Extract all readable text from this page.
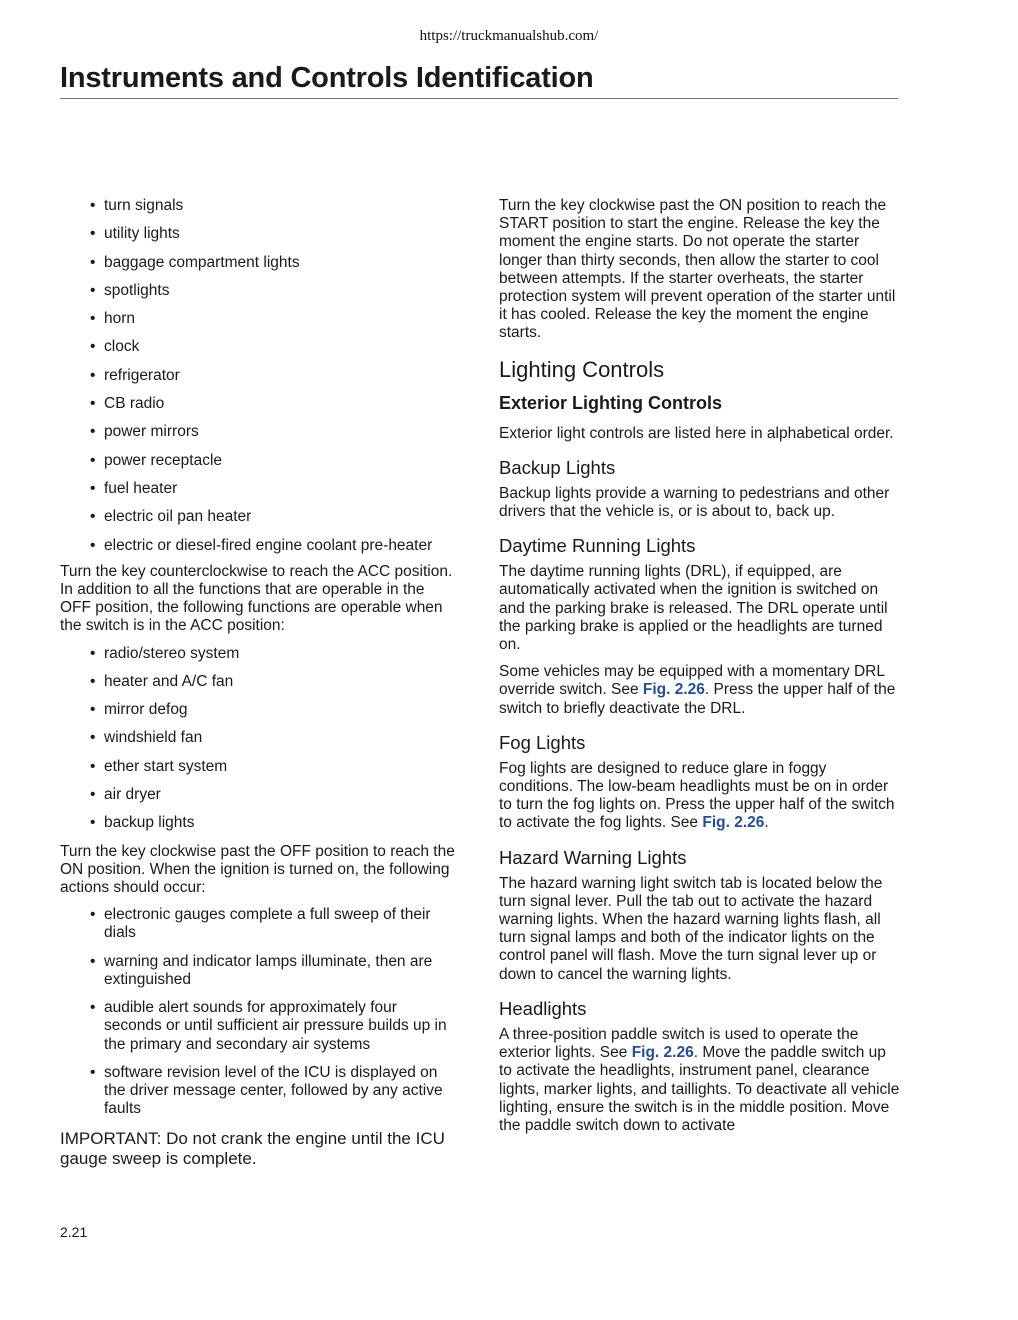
https://truckmanualshub.com/
Instruments and Controls Identification
• turn signals
• utility lights
• baggage compartment lights
• spotlights
• horn
• clock
• refrigerator
• CB radio
• power mirrors
• power receptacle
• fuel heater
• electric oil pan heater
• electric or diesel-fired engine coolant pre-heater

Turn the key counterclockwise to reach the ACC position. In addition to all the functions that are operable in the OFF position, the following functions are operable when the switch is in the ACC position:

• radio/stereo system
• heater and A/C fan
• mirror defog
• windshield fan
• ether start system
• air dryer
• backup lights

Turn the key clockwise past the OFF position to reach the ON position. When the ignition is turned on, the following actions should occur:

• electronic gauges complete a full sweep of their dials
• warning and indicator lamps illuminate, then are extinguished
• audible alert sounds for approximately four seconds or until sufficient air pressure builds up in the primary and secondary air systems
• software revision level of the ICU is displayed on the driver message center, followed by any active faults

IMPORTANT: Do not crank the engine until the ICU gauge sweep is complete.

Turn the key clockwise past the ON position to reach the START position to start the engine. Release the key the moment the engine starts. Do not operate the starter longer than thirty seconds, then allow the starter to cool between attempts. If the starter overheats, the starter protection system will prevent operation of the starter until it has cooled. Release the key the moment the engine starts.

Lighting Controls
Exterior Lighting Controls

Exterior light controls are listed here in alphabetical order.

Backup Lights

Backup lights provide a warning to pedestrians and other drivers that the vehicle is, or is about to, back up.

Daytime Running Lights

The daytime running lights (DRL), if equipped, are automatically activated when the ignition is switched on and the parking brake is released. The DRL operate until the parking brake is applied or the headlights are turned on.

Some vehicles may be equipped with a momentary DRL override switch. See Fig. 2.26. Press the upper half of the switch to briefly deactivate the DRL.

Fog Lights

Fog lights are designed to reduce glare in foggy conditions. The low-beam headlights must be on in order to turn the fog lights on. Press the upper half of the switch to activate the fog lights. See Fig. 2.26.

Hazard Warning Lights

The hazard warning light switch tab is located below the turn signal lever. Pull the tab out to activate the hazard warning lights. When the hazard warning lights flash, all turn signal lamps and both of the indicator lights on the control panel will flash. Move the turn signal lever up or down to cancel the warning lights.

Headlights

A three-position paddle switch is used to operate the exterior lights. See Fig. 2.26. Move the paddle switch up to activate the headlights, instrument panel, clearance lights, marker lights, and taillights. To deactivate all vehicle lighting, ensure the switch is in the middle position. Move the paddle switch down to activate

2.21
